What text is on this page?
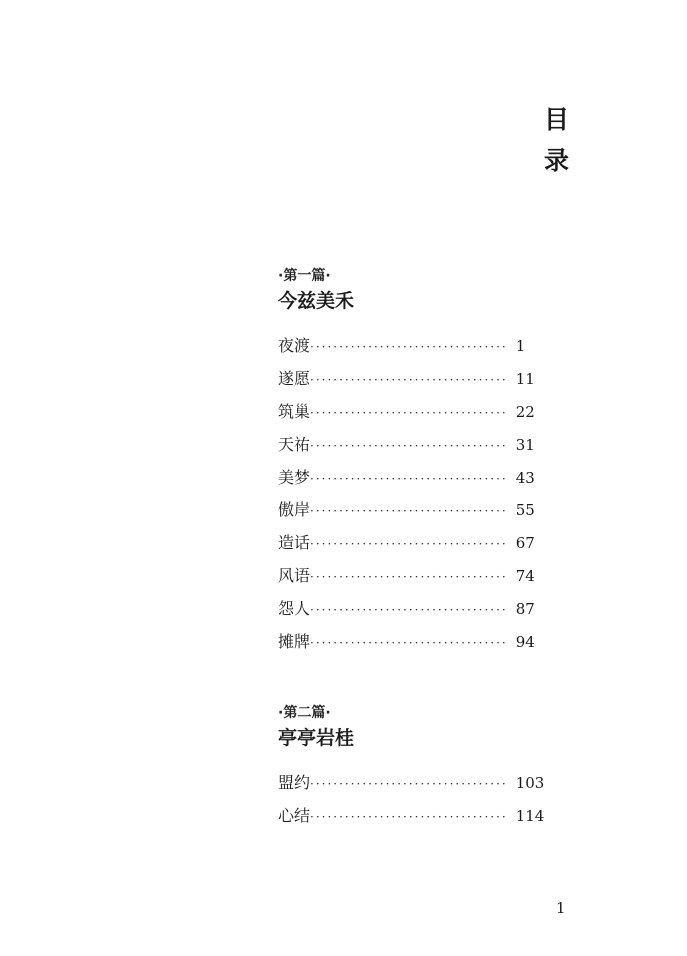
目
录
·第一篇·
今兹美禾
夜渡 ·································· 1
遂愿 ·································· 11
筑巢 ·································· 22
天祐 ·································· 31
美梦 ·································· 43
傲岸 ·································· 55
造话 ·································· 67
风语 ·································· 74
怨人 ·································· 87
摊牌 ·································· 94
·第二篇·
亭亭岩桂
盟约 ·································· 103
心结 ·································· 114
1
